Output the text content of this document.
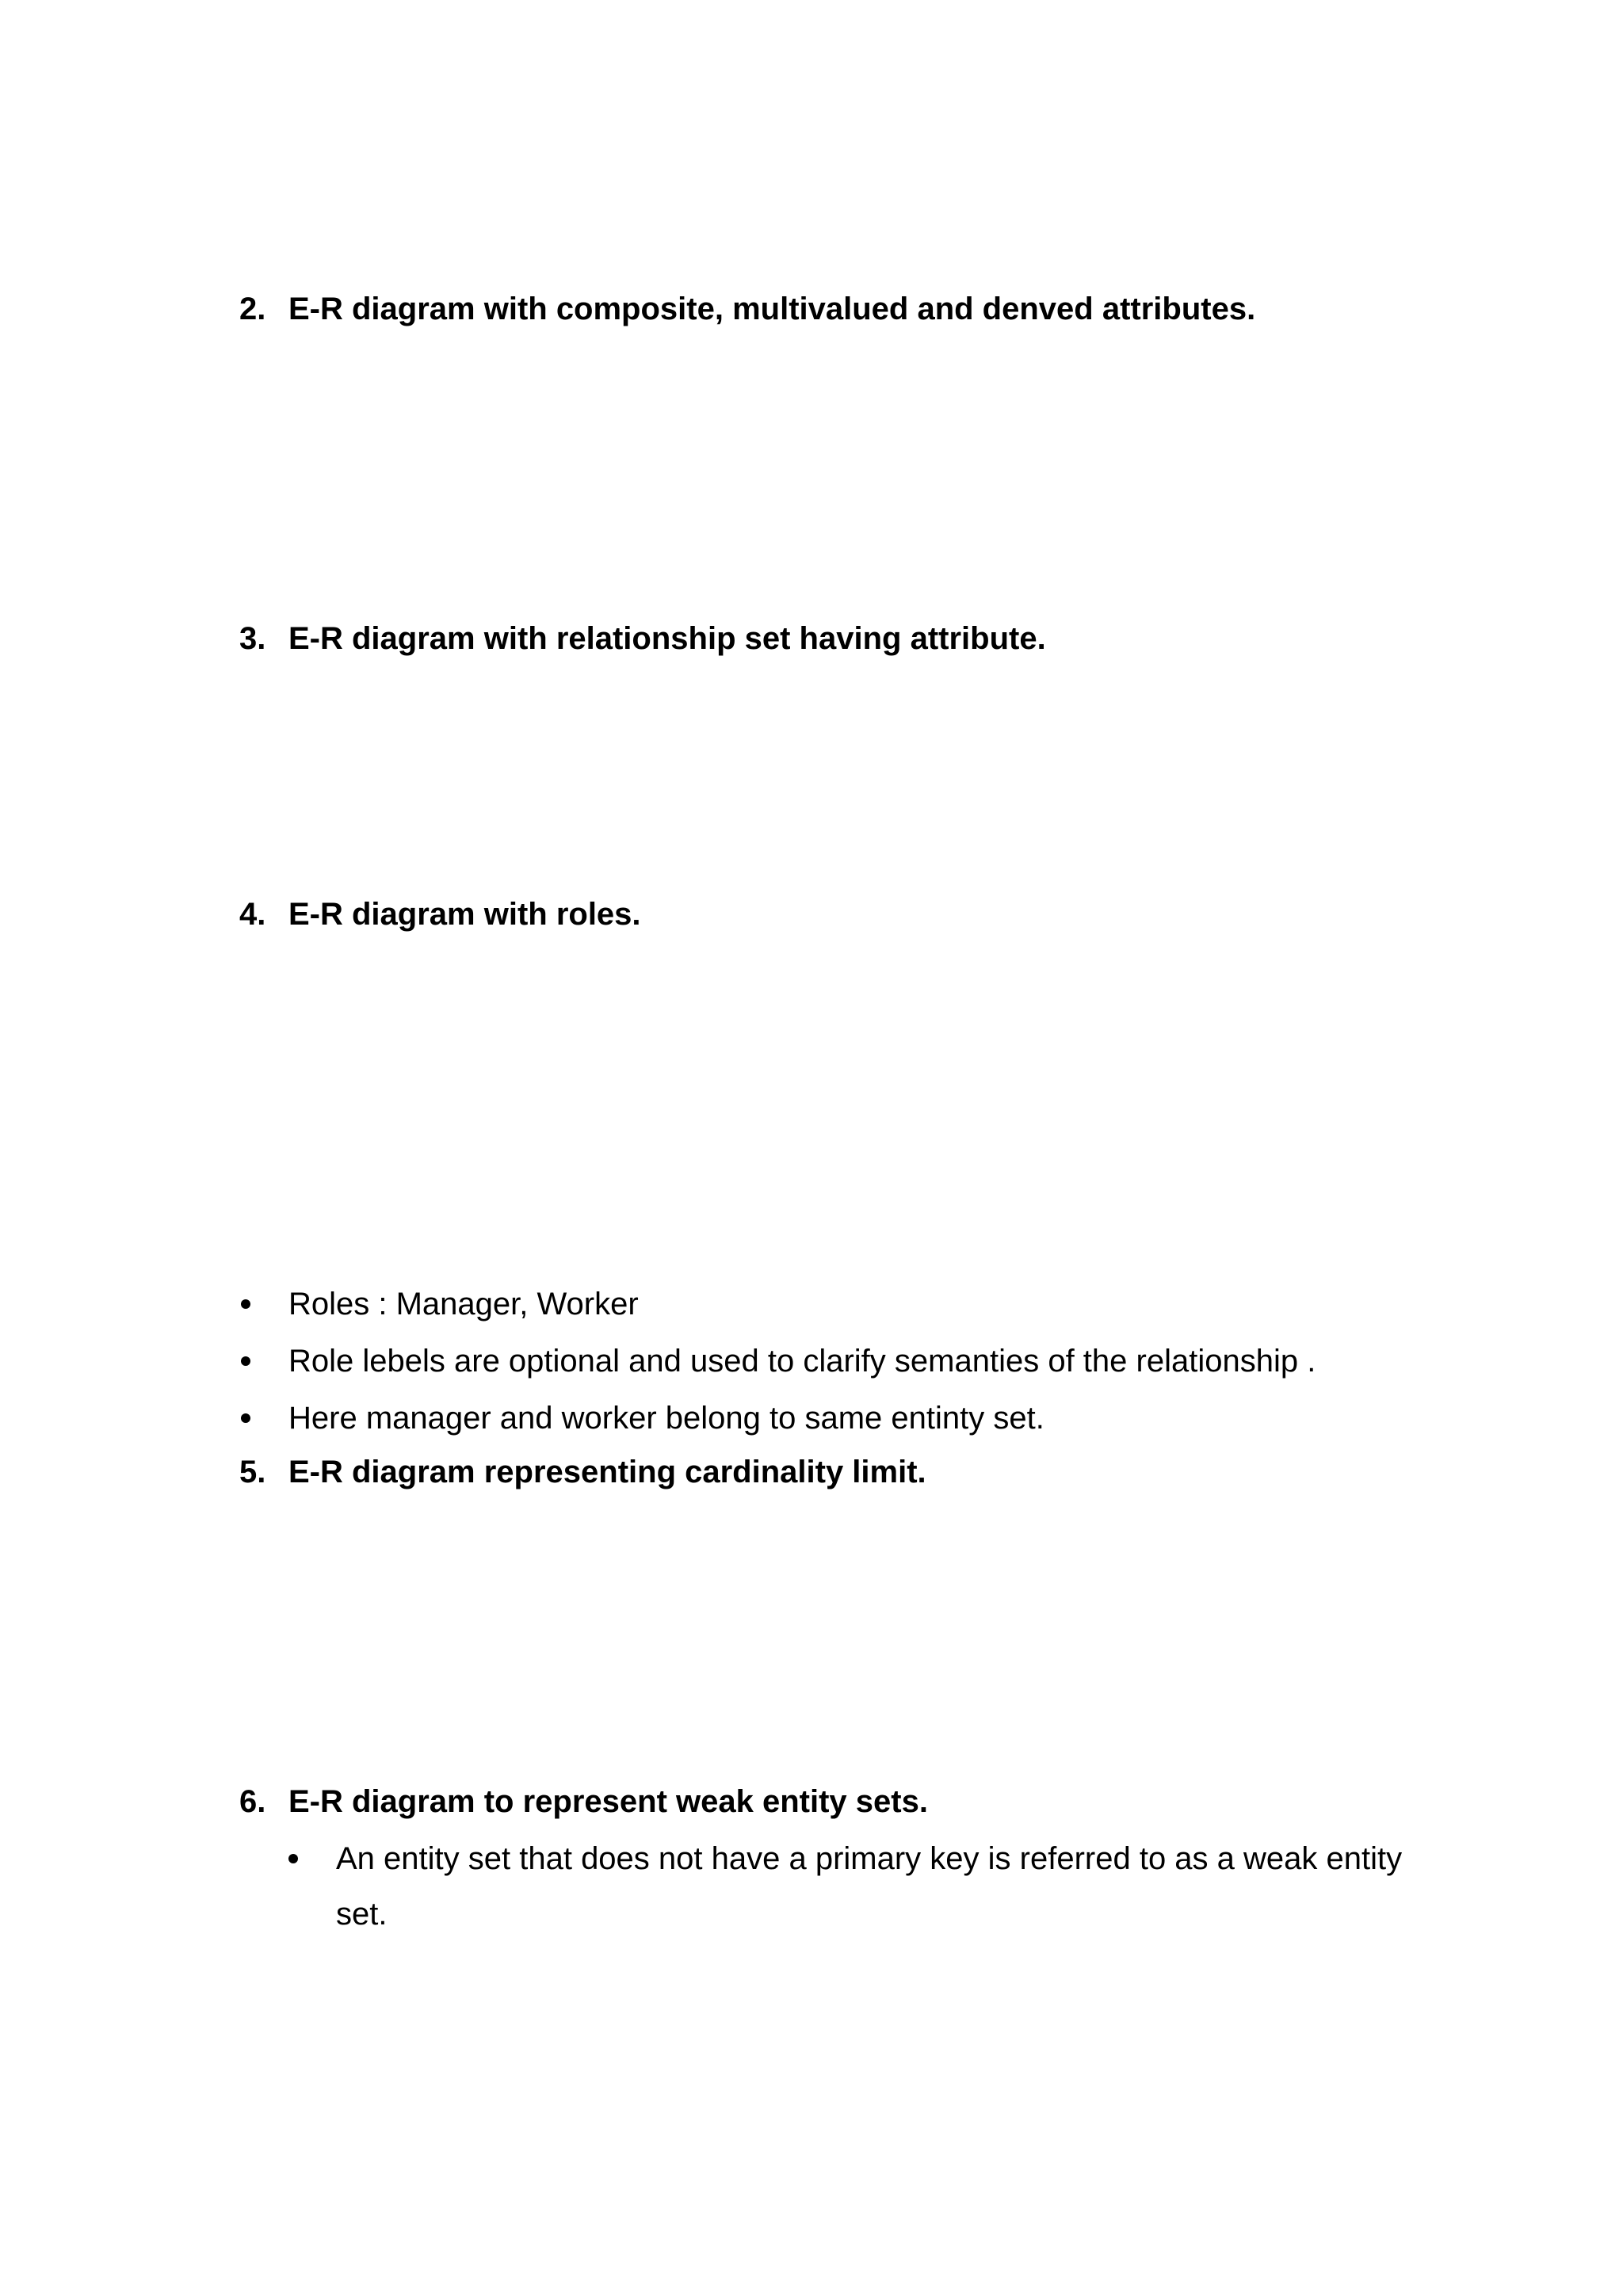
2. E-R diagram with composite, multivalued and denved attributes.
3. E-R diagram with relationship set having attribute.
4. E-R diagram with roles.
Roles : Manager, Worker
Role lebels are optional and used to clarify semanties of the relationship .
Here manager and worker belong to same entinty set.
5. E-R diagram representing cardinality limit.
6. E-R diagram to represent weak entity sets.
An entity set that does not have a primary key is referred to as a weak entity
set.
